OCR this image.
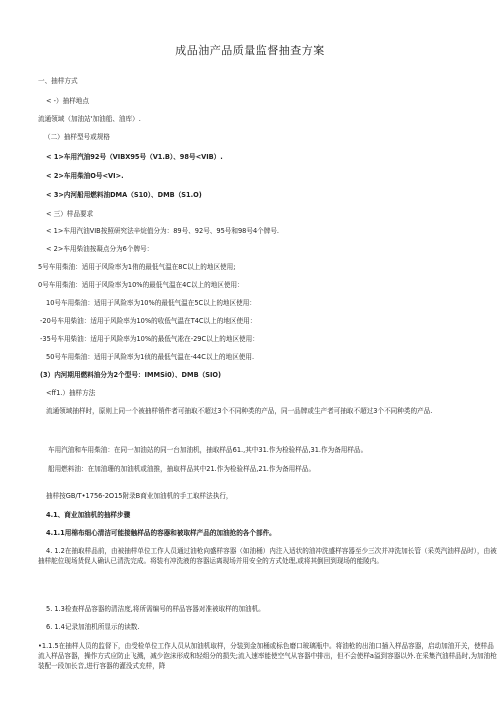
成品油产品质量监督抽查方案
一、抽样方式
< -）抽样地点
流通领域（加油站'加油船、油库）.
（二）抽样型号或规格
< 1>车用汽油92号（VIBX95号（V1.B）、98号<VIB）.
< 2>车用柴油O号<VI>.
< 3>内河船用燃料油DMA（S10）、DMB（S1.O)
< 三）样品要求
< 1>车用汽油VIB按照研究法辛烷值分为：89号、92号、95号和98号4个牌号.
< 2>车用柴油按凝点分为6个牌号：
5号车用柴油：适用于风险率为1侑的最低气温在8C以上的地区使用;
0号车用柴油：适用于风险率为10%的最低气温在4C以上的地区使用：
10号车用柴油：适用于风险率为10%的最低气温在5C以上的地区使用：
-20号车用柴油：适用于风险率为10%的收低气温在T4C以上的地区使用：
-35号车用柴油：适用于风险率为10%的最低气凇在-29C以上的地区使用：
50号车用柴油：适用于风险率为1侦的最低气温在-44C以上的地区使用.
(3）内河期用燃料油分为2个型号：IMMSi0）、DMB（SIO)
<ff1.）抽样方法
流通领域抽样时，原则上同一个被抽样销件者可抽取不超过3个不同种类的产品，同一品牌或生产者可抽取不超过3个不同种类的产品.
车用汽油和车用柴油：在同一加油站的同一台加油机，抽取样品61.,其中31.作为检验样品,31.作为备用样品。
船用燃料油：在加油珊的加油机或油推，抽取样品其中21.作为检验样品,21.作为备用样品。
抽样按GB/T•1756-2O15附录B商业加油机的手工取样法执行，
4.1、商业加油机的抽样步骤
4.1.1用棉布细心清洁可能接触样品的容器和被取样产品的加油抢的各个部件。
4. 1.2在抽取样品前，由被抽样单位工作人员通过油枪向盛样容器（如油桶）内注入适状的油冲洗盛样容器至少三次并冲洗加长管（采英汽油样品时），由被抽样舵位现场货促人确认已清洗完成。将装有冲洗液的容器运离现场并用安全的方式处理,或将其倒回到现场的能陵内。
5. 1.3检查样品容器的清洁度,将所需编号的样品容器对准被取样的加油机。
6. 1.4记录加油机所显示的读数.
•1.1.5在抽样人员的监督下，由受检单位工作人员从加油机取样，分装到金加桶或标色磨口玻璃瓶中。将油枪的出油口插入样品容器，启动加油开关，使样品流入样品容器，操作方式应防止飞溅，减少泡沫形成和轻组分的损失;流入速率能使空气从容器中排出，但不会使样a溢到容器以外.在采集汽油样品时,为加油枪装配一段加长音,进行容器的灌没式充样，降
